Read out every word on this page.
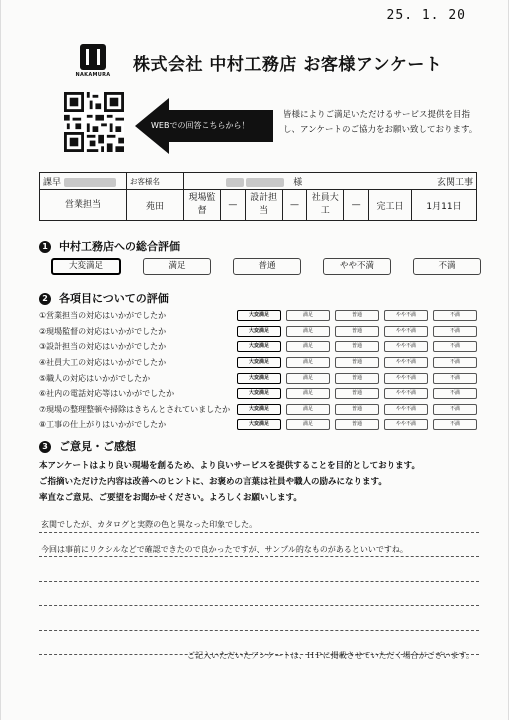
25. 1. 20
NAKAMURA 株式会社 中村工務店 お客様アンケート
WEBでの回答こちらから！
皆様によりご満足いただけるサービス提供を目指し、アンケートのご協力をお願い致しております。
課早	お客様名	様					玄関工事		
営業担当	苑田	現場監督	—	設計担当	—	社員大工	—	完工日	1月11日
1 中村工務店への総合評価
大変満足	満足	普通	やや不満	不満
2 各項目についての評価
①営業担当の対応はいかがでしたか	大変満足	満足	普通	やや不満	不満
②現場監督の対応はいかがでしたか	大変満足	満足	普通	やや不満	不満
③設計担当の対応はいかがでしたか	大変満足	満足	普通	やや不満	不満
④社員大工の対応はいかがでしたか	大変満足	満足	普通	やや不満	不満
⑤職人の対応はいかがでしたか	大変満足	満足	普通	やや不満	不満
⑥社内の電話対応等はいかがでしたか	大変満足	満足	普通	やや不満	不満
⑦現場の整理整頓や掃除はきちんとされていましたか	大変満足	満足	普通	やや不満	不満
⑧工事の仕上がりはいかがでしたか	大変満足	満足	普通	やや不満	不満
3 ご意見・ご感想
本アンケートはより良い現場を創るため、より良いサービスを提供することを目的としております。
ご指摘いただけた内容は改善へのヒントに、お褒めの言葉は社員や職人の励みになります。
率直なご意見、ご要望をお聞かせください。よろしくお願いします。
玄関でしたが、カタログと実際の色と異なった印象でした。
今回は事前にリクシルなどで確認できたので良かったですが、サンプル的なものがあるといいですね。
ご記入いただいたアンケートは、ＨＰに掲載させていただく場合がございます。
